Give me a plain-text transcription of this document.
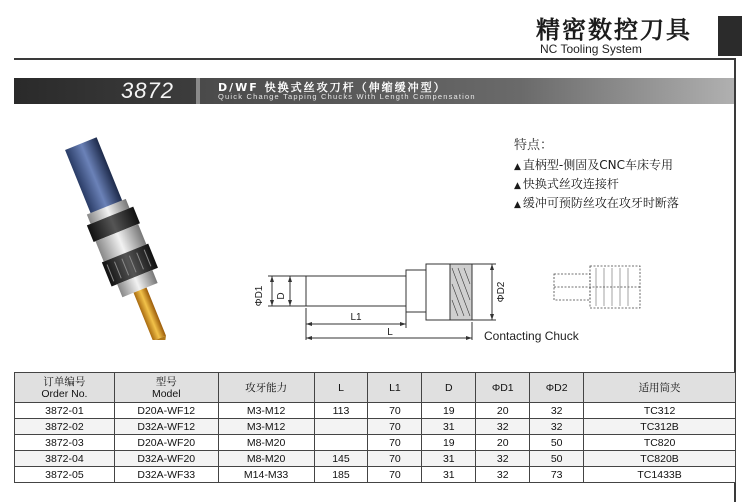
精密数控刀具
NC Tooling System
3872	D/WF 快换式丝攻刀杆（伸缩缓冲型）
Quick Change Tapping Chucks With Length Compensation
ΦD1 D
L1
L
ΦD2
Contacting Chuck
特点：
▲ 直柄型-侧固及CNC车床专用
▲ 快换式丝攻连接杆
▲ 缓冲可预防丝攻在攻牙时断落
订单编号
Order No.	型号
Model	攻牙能力	L	L1	D	ΦD1	ΦD2	适用筒夹
3872-01	D20A-WF12	M3-M12	113	70	19	20	32	TC312
3872-02	D32A-WF12	M3-M12		70	31	32	32	TC312B
3872-03	D20A-WF20	M8-M20		70	19	20	50	TC820
3872-04	D32A-WF20	M8-M20	145	70	31	32	50	TC820B
3872-05	D32A-WF33	M14-M33	185	70	31	32	73	TC1433B
